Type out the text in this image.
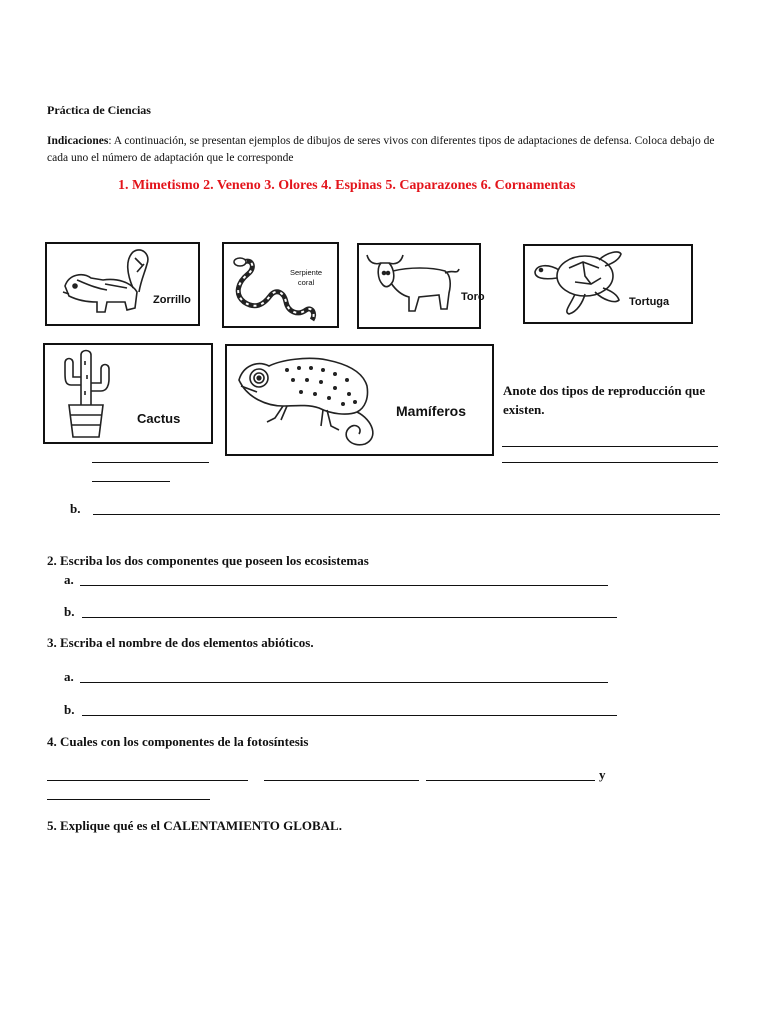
Práctica de Ciencias
Indicaciones: A continuación, se presentan ejemplos de dibujos de seres vivos con diferentes tipos de adaptaciones de defensa. Coloca debajo de cada uno el número de adaptación que le corresponde
1. Mimetismo 2. Veneno 3. Olores 4. Espinas 5. Caparazones 6. Cornamentas
Zorrillo
Serpiente
coral
Toro	Tortuga
Cactus	Mamíferos
Anote dos tipos de reproducción que existen.
b.
2. Escriba los dos componentes que poseen los ecosistemas
a.
b.
3. Escriba el nombre de dos elementos abióticos.
a.
b.
4. Cuales con los componentes de la fotosíntesis
y
5. Explique qué es el CALENTAMIENTO GLOBAL.
